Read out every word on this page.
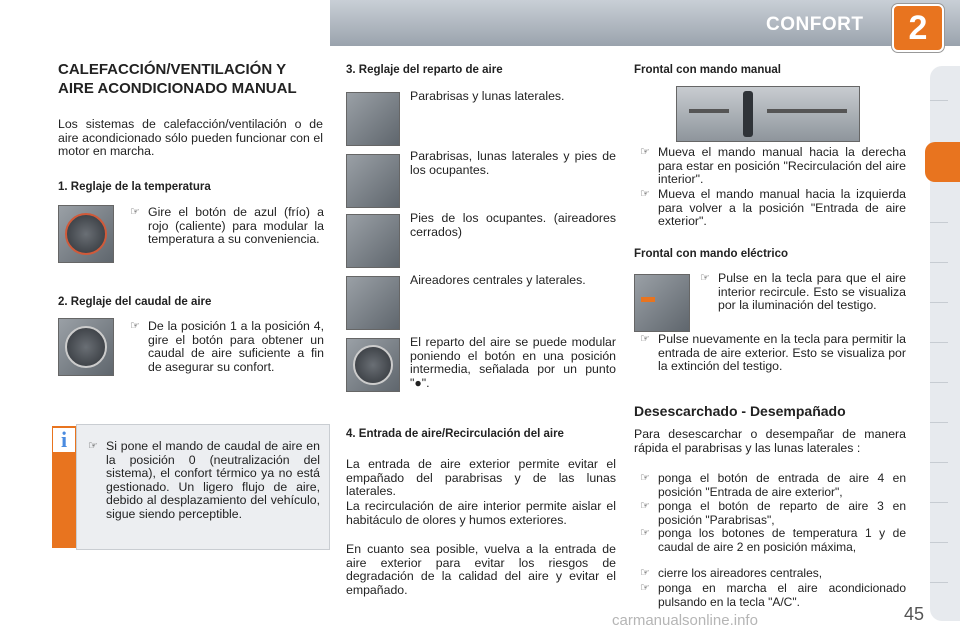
CONFORT	2
CALEFACCIÓN/VENTILACIÓN Y AIRE ACONDICIONADO MANUAL

Los sistemas de calefacción/ventilación o de aire acondicionado sólo pueden funcionar con el motor en marcha.

1. Reglaje de la temperatura

☞ Gire el botón de azul (frío) a rojo (caliente) para modular la temperatura a su conveniencia.

2. Reglaje del caudal de aire

☞ De la posición 1 a la posición 4, gire el botón para obtener un caudal de aire suficiente a fin de asegurar su confort.

i

☞	Si pone el mando de caudal de aire en la posición 0 (neutralización del sistema), el confort térmico ya no está gestionado. Un ligero flujo de aire, debido al desplazamiento del vehículo, sigue siendo perceptible.

3. Reglaje del reparto de aire

Parabrisas y lunas laterales.

Parabrisas, lunas laterales y pies de los ocupantes.

Pies de los ocupantes. (aireadores cerrados)

Aireadores centrales y laterales.

El reparto del aire se puede modular poniendo el botón en una posición intermedia, señalada por un punto "●".

4. Entrada de aire/Recirculación del aire

La entrada de aire exterior permite evitar el empañado del parabrisas y de las lunas laterales.

La recirculación de aire interior permite aislar el habitáculo de olores y humos exteriores.

En cuanto sea posible, vuelva a la entrada de aire exterior para evitar los riesgos de degradación de la calidad del aire y evitar el empañado.

Frontal con mando manual

☞ Mueva el mando manual hacia la derecha para estar en posición "Recirculación del aire interior".

☞ Mueva el mando manual hacia la izquierda para volver a la posición "Entrada de aire exterior".

Frontal con mando eléctrico

☞ Pulse en la tecla para que el aire interior recircule. Esto se visualiza por la iluminación del testigo.

☞ Pulse nuevamente en la tecla para permitir la entrada de aire exterior. Esto se visualiza por la extinción del testigo.

Desescarchado - Desempañado

Para desescarchar o desempañar de manera rápida el parabrisas y las lunas laterales :

☞ ponga el botón de entrada de aire 4 en posición "Entrada de aire exterior",

☞ ponga el botón de reparto de aire 3 en posición "Parabrisas",

☞ ponga los botones de temperatura 1 y de caudal de aire 2 en posición máxima,

☞ cierre los aireadores centrales,

☞ ponga en marcha el aire acondicionado pulsando en la tecla "A/C".

45
carmanualsonline.info
